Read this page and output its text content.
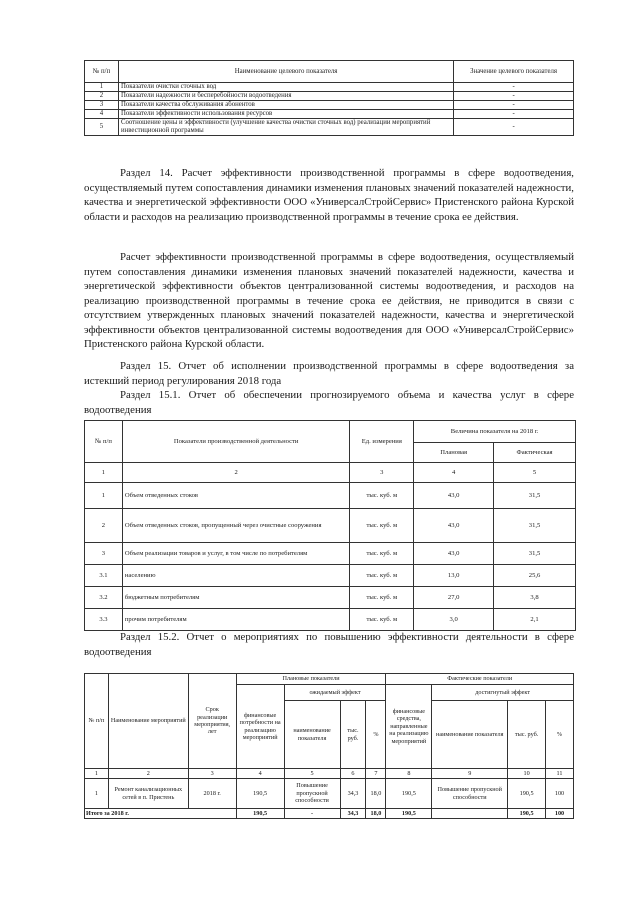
№ п/п	Наименование целевого показателя	Значение целевого показателя
1	Показатели очистки сточных вод	-
2	Показатели надежности и бесперебойности водоотведения	-
3	Показатели качества обслуживания абонентов	-
4	Показатели эффективности использования ресурсов	-
5	Соотношение цены и эффективности (улучшение качества очистки сточных вод) реализации мероприятий инвестиционной программы	-

Раздел 14. Расчет эффективности производственной программы в сфере водоотведения, осуществляемый путем сопоставления динамики изменения плановых значений показателей надежности, качества и энергетической эффективности ООО «УниверсалСтройСервис» Пристенского района Курской области и расходов на реализацию производственной программы в течение срока ее действия.

Расчет эффективности производственной программы в сфере водоотведения, осуществляемый путем сопоставления динамики изменения плановых значений показателей надежности, качества и энергетической эффективности объектов централизованной системы водоотведения, и расходов на реализацию производственной программы в течение срока ее действия, не приводится в связи с отсутствием утвержденных плановых значений показателей надежности, качества и энергетической эффективности объектов централизованной системы водоотведения для ООО «УниверсалСтройСервис» Пристенского района Курской области.

Раздел 15. Отчет об исполнении производственной программы в сфере водоотведения за истекший период регулирования 2018 года

Раздел 15.1. Отчет об обеспечении прогнозируемого объема и качества услуг в сфере водоотведения

№ п/п	Показатели производственной деятельности	Ед. измерения	Величина показателя на 2018 г.	
			Плановая	Фактическая
1	2	3	4	5
1	Объем отведенных стоков	тыс. куб. м	43,0	31,5
2	Объем отведенных стоков, пропущенный через очистные сооружения	тыс. куб. м	43,0	31,5
3	Объем реализации товаров и услуг, в том числе по потребителям	тыс. куб. м	43,0	31,5
3.1	населению	тыс. куб. м	13,0	25,6
3.2	бюджетным потребителям	тыс. куб. м	27,0	3,8
3.3	прочим потребителям	тыс. куб. м	3,0	2,1

Раздел 15.2. Отчет о мероприятиях по повышению эффективности деятельности в сфере водоотведения

№ п/п	Наименование мероприятий	Срок реализации мероприятия, лет	Плановые показатели				Фактические показатели			
			финансовые потребности на реализацию мероприятий	ожидаемый эффект			финансовые средства, направленные на реализацию мероприятий	достигнутый эффект		
				наименование показателя	тыс. руб.	%		наименование показателя	тыс. руб.	%
1	2	3	4	5	6	7	8	9	10	11
1	Ремонт канализационных сетей в п. Пристень	2018 г.	190,5	Повышение пропускной способности	34,3	18,0	190,5	Повышение пропускной способности	190,5	100
Итого за 2018 г.			190,5	-	34,3	18,0	190,5		190,5	100
